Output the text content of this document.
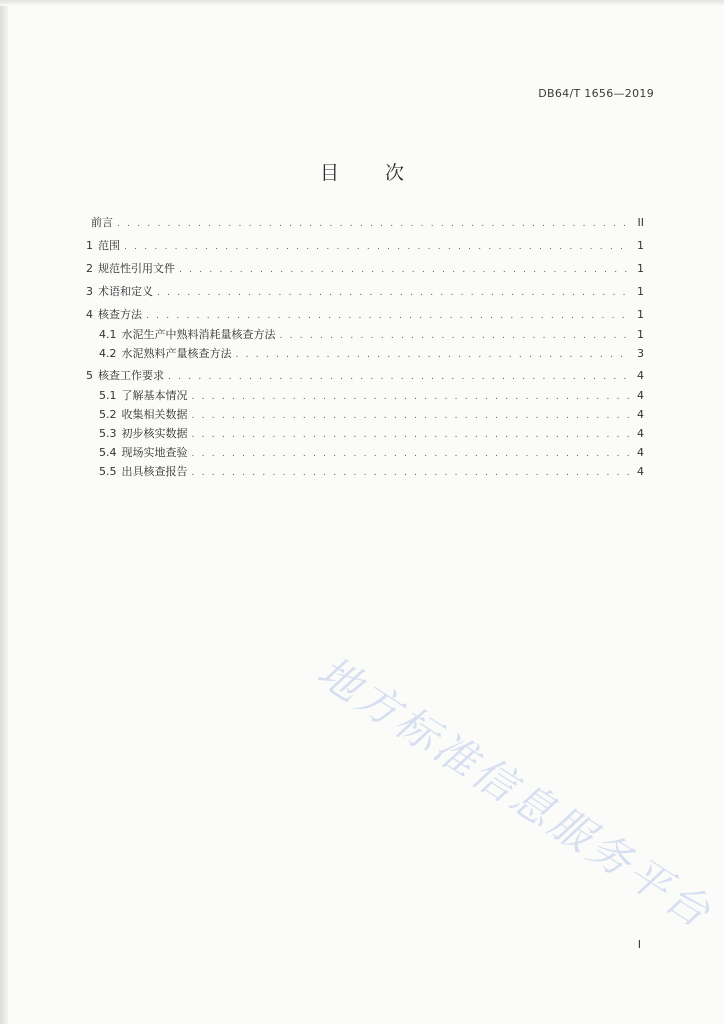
DB64/T 1656—2019
目 次
前言 . . .	II
1 范围 . . .	1
2 规范性引用文件 . . .	1
3 术语和定义 . . .	1
4 核查方法 . . .	1
4.1 水泥生产中熟料消耗量核查方法 . . .	1
4.2 水泥熟料产量核查方法 . . .	3
5 核查工作要求 . . .	4
5.1 了解基本情况 . . .	4
5.2 收集相关数据 . . .	4
5.3 初步核实数据 . . .	4
5.4 现场实地查验 . . .	4
5.5 出具核查报告 . . .	4
地方标准信息服务平台
I
